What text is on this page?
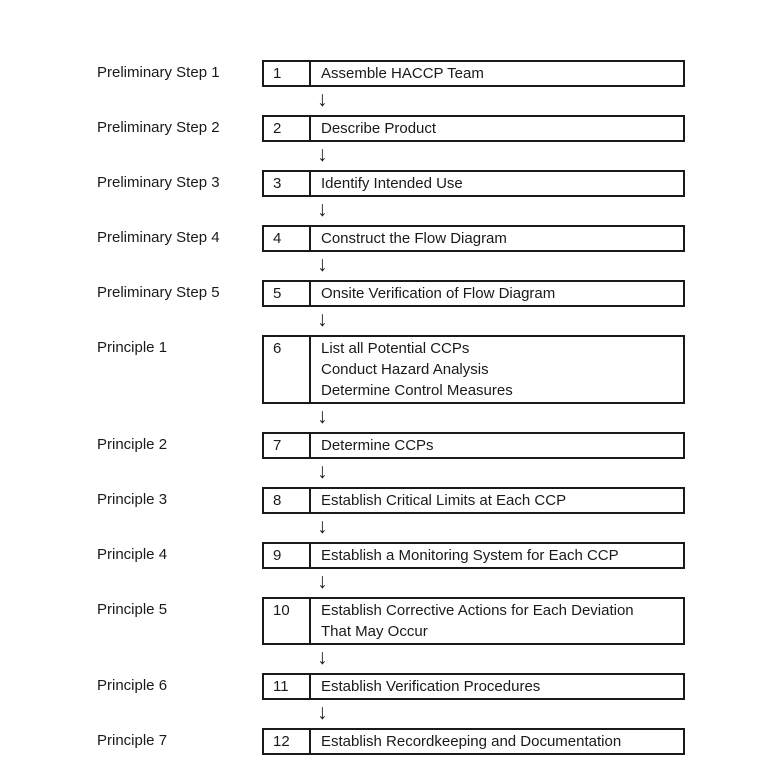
Preliminary Step 1	1	Assemble HACCP Team
↓
Preliminary Step 2	2	Describe Product
↓
Preliminary Step 3	3	Identify Intended Use
↓
Preliminary Step 4	4	Construct the Flow Diagram
↓
Preliminary Step 5	5	Onsite Verification of Flow Diagram
↓
Principle 1	6	List all Potential CCPs
Conduct Hazard Analysis
Determine Control Measures
↓
Principle 2	7	Determine CCPs
↓
Principle 3	8	Establish Critical Limits at Each CCP
↓
Principle 4	9	Establish a Monitoring System for Each CCP
↓
Principle 5	10	Establish Corrective Actions for Each Deviation
That May Occur
↓
Principle 6	11	Establish Verification Procedures
↓
Principle 7	12	Establish Recordkeeping and Documentation
